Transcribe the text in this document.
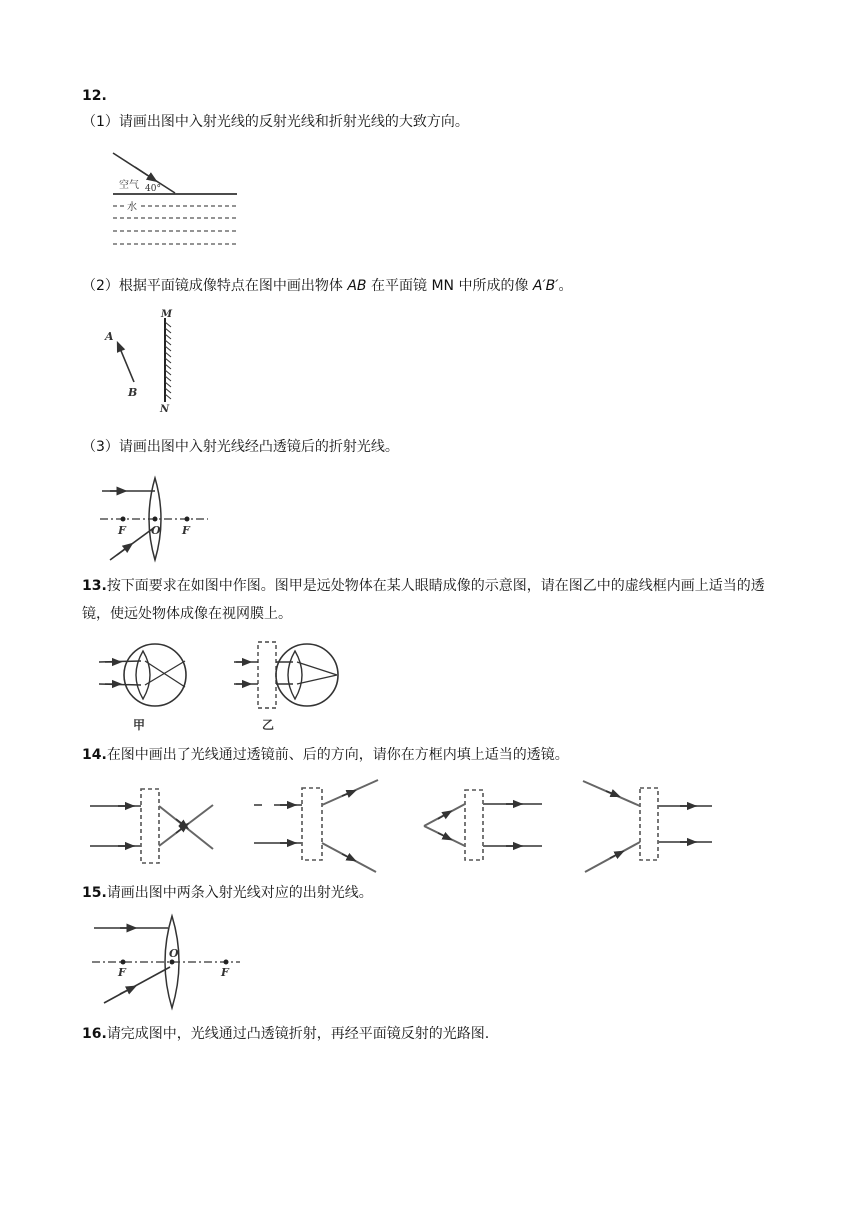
12.
（1）请画出图中入射光线的反射光线和折射光线的大致方向。
空气 40°
水
（2）根据平面镜成像特点在图中画出物体 AB 在平面镜 MN 中所成的像 A′B′。
A
B
M
N
（3）请画出图中入射光线经凸透镜后的折射光线。
F O F
13.按下面要求在如图中作图。图甲是远处物体在某人眼睛成像的示意图，请在图乙中的虚线框内画上适当的透镜，使远处物体成像在视网膜上。
甲	乙
14.在图中画出了光线通过透镜前、后的方向，请你在方框内填上适当的透镜。
15.请画出图中两条入射光线对应的出射光线。
F
O
F
16.请完成图中，光线通过凸透镜折射，再经平面镜反射的光路图.
